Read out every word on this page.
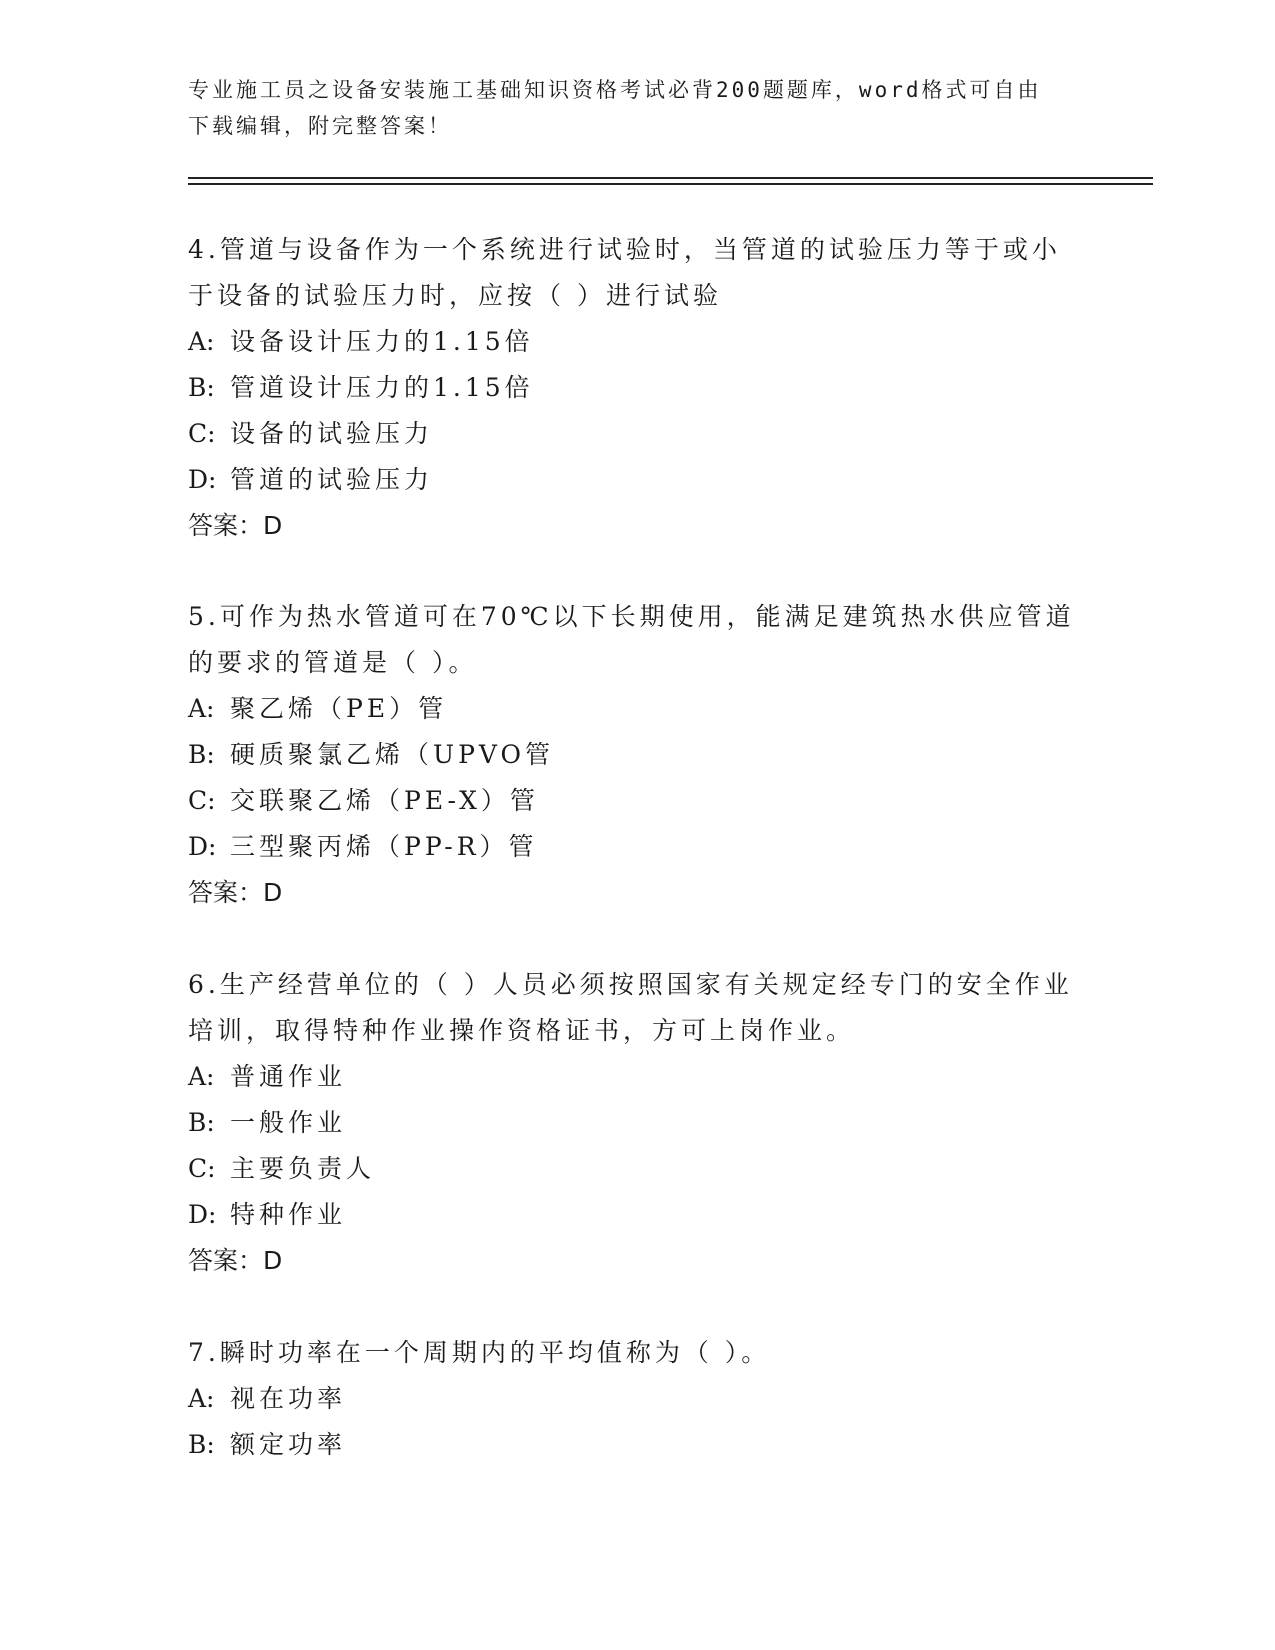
专业施工员之设备安装施工基础知识资格考试必背200题题库，word格式可自由
下载编辑，附完整答案！

4.管道与设备作为一个系统进行试验时，当管道的试验压力等于或小于设备的试验压力时，应按（ ）进行试验

A: 设备设计压力的1.15倍

B: 管道设计压力的1.15倍

C: 设备的试验压力

D: 管道的试验压力

答案：D

5.可作为热水管道可在70℃以下长期使用，能满足建筑热水供应管道的要求的管道是（ ）。

A: 聚乙烯（PE）管

B: 硬质聚氯乙烯（UPVO管

C: 交联聚乙烯（PE-X）管

D: 三型聚丙烯（PP-R）管

答案：D

6.生产经营单位的（ ）人员必须按照国家有关规定经专门的安全作业培训，取得特种作业操作资格证书，方可上岗作业。

A: 普通作业

B: 一般作业

C: 主要负责人

D: 特种作业

答案：D

7.瞬时功率在一个周期内的平均值称为（ ）。

A: 视在功率

B: 额定功率
